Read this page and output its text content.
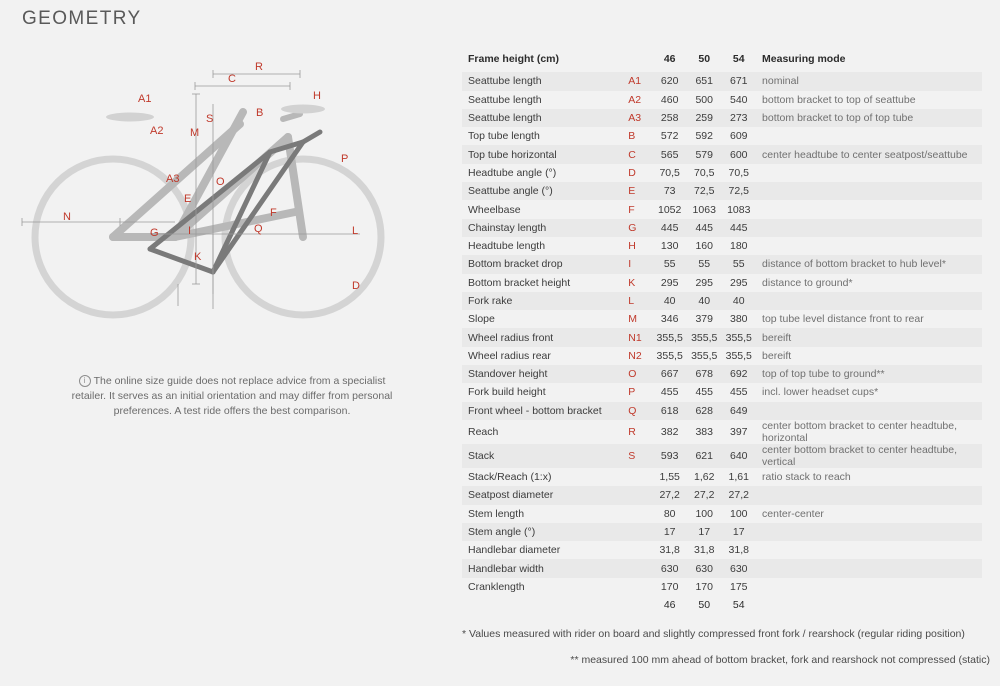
GEOMETRY
R
C
S
H
A1
A2
A3
B
M
P
O
E
F
N
G	I
K
Q	L
D
i The online size guide does not replace advice from a specialist retailer. It serves as an initial orientation and may differ from personal preferences. A test ride offers the best comparison.
Frame height (cm)		46	50	54	Measuring mode
Seattube length	A1	620	651	671	nominal
Seattube length	A2	460	500	540	bottom bracket to top of seattube
Seattube length	A3	258	259	273	bottom bracket to top of top tube
Top tube length	B	572	592	609	
Top tube horizontal	C	565	579	600	center headtube to center seatpost/seattube
Headtube angle (°)	D	70,5	70,5	70,5	
Seattube angle (°)	E	73	72,5	72,5	
Wheelbase	F	1052	1063	1083	
Chainstay length	G	445	445	445	
Headtube length	H	130	160	180	
Bottom bracket drop	I	55	55	55	distance of bottom bracket to hub level*
Bottom bracket height	K	295	295	295	distance to ground*
Fork rake	L	40	40	40	
Slope	M	346	379	380	top tube level distance front to rear
Wheel radius front	N1	355,5	355,5	355,5	bereift
Wheel radius rear	N2	355,5	355,5	355,5	bereift
Standover height	O	667	678	692	top of top tube to ground**
Fork build height	P	455	455	455	incl. lower headset cups*
Front wheel - bottom bracket	Q	618	628	649	
Reach	R	382	383	397	center bottom bracket to center headtube, horizontal
Stack	S	593	621	640	center bottom bracket to center headtube, vertical
Stack/Reach (1:x)		1,55	1,62	1,61	ratio stack to reach
Seatpost diameter		27,2	27,2	27,2	
Stem length		80	100	100	center-center
Stem angle (°)		17	17	17	
Handlebar diameter		31,8	31,8	31,8	
Handlebar width		630	630	630	
Cranklength		170	170	175	
		46	50	54	
* Values measured with rider on board and slightly compressed front fork / rearshock (regular riding position)
** measured 100 mm ahead of bottom bracket, fork and rearshock not compressed (static)
